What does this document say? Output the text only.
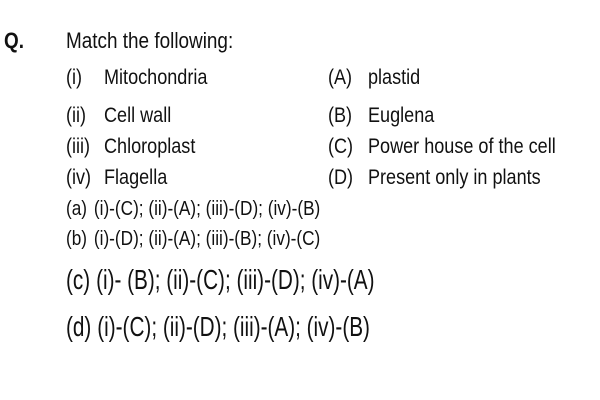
Q. Match the following:
(i) Mitochondria	(A) plastid
(ii) Cell wall	(B) Euglena
(iii) Chloroplast	(C) Power house of the cell
(iv) Flagella	(D) Present only in plants
(a) (i)-(C); (ii)-(A); (iii)-(D); (iv)-(B)
(b) (i)-(D); (ii)-(A); (iii)-(B); (iv)-(C)
(c) (i)- (B); (ii)-(C); (iii)-(D); (iv)-(A)
(d) (i)-(C); (ii)-(D); (iii)-(A); (iv)-(B)
